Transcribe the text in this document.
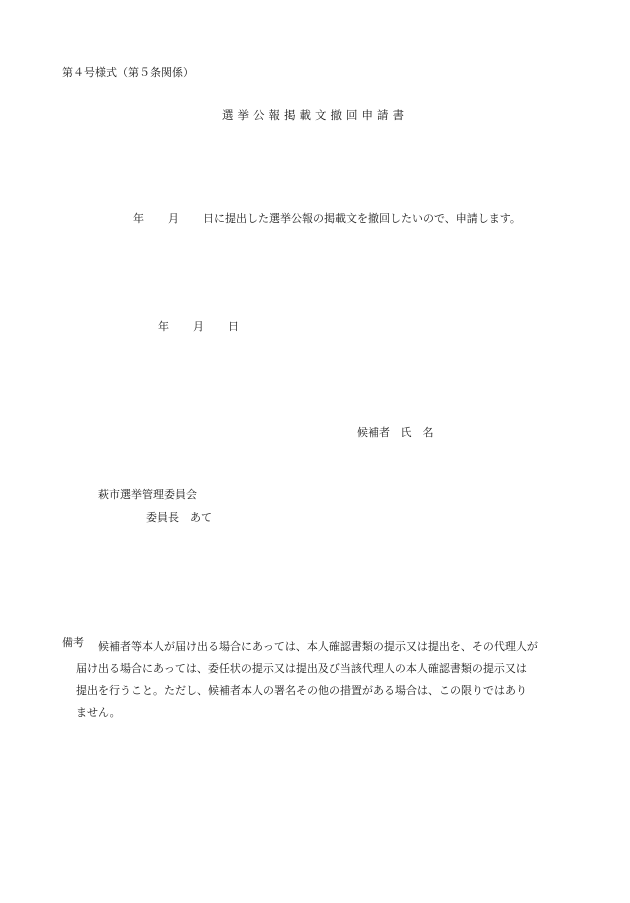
第４号様式（第５条関係）
選挙公報掲載文撤回申請書
年 月 日に提出した選挙公報の掲載文を撤回したいので、申請します。
年 月 日
候補者 氏　名
萩市選挙管理委員会
委員長　あて
備考 候補者等本人が届け出る場合にあっては、本人確認書類の提示又は提出を、その代理人が
届け出る場合にあっては、委任状の提示又は提出及び当該代理人の本人確認書類の提示又は
提出を行うこと。ただし、候補者本人の署名その他の措置がある場合は、この限りではあり
ません。
